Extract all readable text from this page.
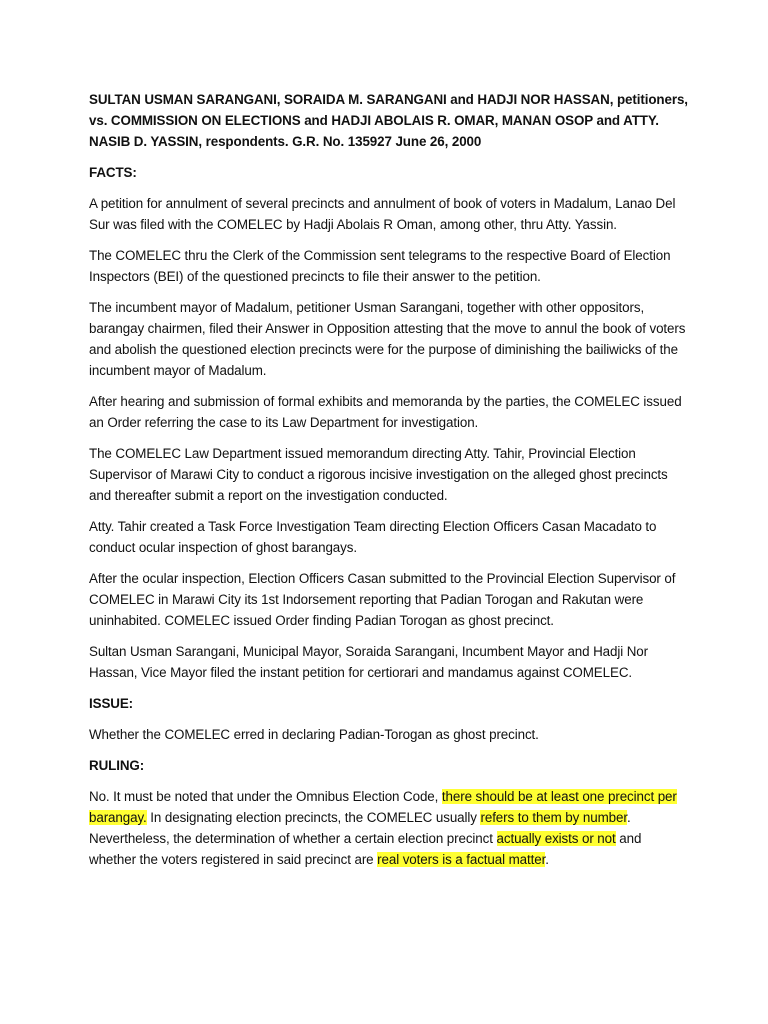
SULTAN USMAN SARANGANI, SORAIDA M. SARANGANI and HADJI NOR HASSAN, petitioners, vs. COMMISSION ON ELECTIONS and HADJI ABOLAIS R. OMAR, MANAN OSOP and ATTY. NASIB D. YASSIN, respondents. G.R. No. 135927 June 26, 2000

FACTS:

A petition for annulment of several precincts and annulment of book of voters in Madalum, Lanao Del Sur was filed with the COMELEC by Hadji Abolais R Oman, among other, thru Atty. Yassin.

The COMELEC thru the Clerk of the Commission sent telegrams to the respective Board of Election Inspectors (BEI) of the questioned precincts to file their answer to the petition.

The incumbent mayor of Madalum, petitioner Usman Sarangani, together with other oppositors, barangay chairmen, filed their Answer in Opposition attesting that the move to annul the book of voters and abolish the questioned election precincts were for the purpose of diminishing the bailiwicks of the incumbent mayor of Madalum.

After hearing and submission of formal exhibits and memoranda by the parties, the COMELEC issued an Order referring the case to its Law Department for investigation.

The COMELEC Law Department issued memorandum directing Atty. Tahir, Provincial Election Supervisor of Marawi City to conduct a rigorous incisive investigation on the alleged ghost precincts and thereafter submit a report on the investigation conducted.

Atty. Tahir created a Task Force Investigation Team directing Election Officers Casan Macadato to conduct ocular inspection of ghost barangays.

After the ocular inspection, Election Officers Casan submitted to the Provincial Election Supervisor of COMELEC in Marawi City its 1st Indorsement reporting that Padian Torogan and Rakutan were uninhabited. COMELEC issued Order finding Padian Torogan as ghost precinct.

Sultan Usman Sarangani, Municipal Mayor, Soraida Sarangani, Incumbent Mayor and Hadji Nor Hassan, Vice Mayor filed the instant petition for certiorari and mandamus against COMELEC.

ISSUE:

Whether the COMELEC erred in declaring Padian-Torogan as ghost precinct.

RULING:

No. It must be noted that under the Omnibus Election Code, there should be at least one precinct per barangay. In designating election precincts, the COMELEC usually refers to them by number. Nevertheless, the determination of whether a certain election precinct actually exists or not and whether the voters registered in said precinct are real voters is a factual matter.
